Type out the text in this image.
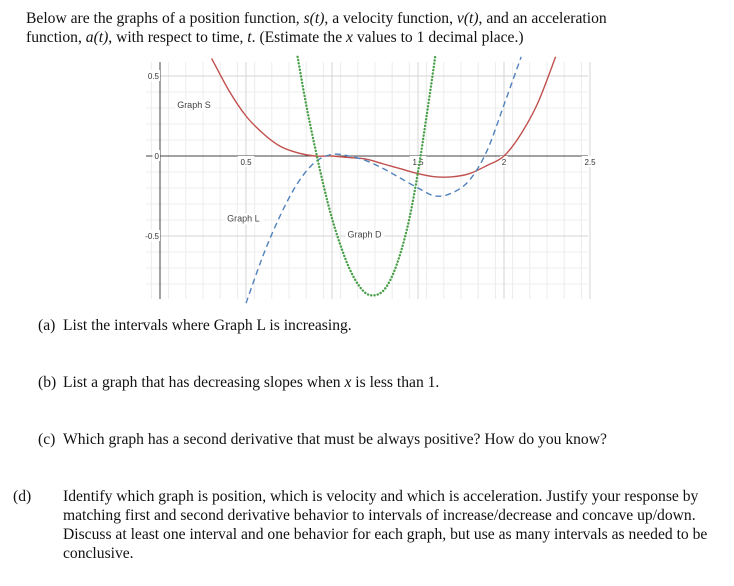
Below are the graphs of a position function, s(t), a velocity function, v(t), and an acceleration

function, a(t), with respect to time, t. (Estimate the x values to 1 decimal place.)

0.5	1.5	2	2.5
0.5
0
-0.5
Graph S
Graph L
Graph D
(a) List the intervals where Graph L is increasing.
(b) List a graph that has decreasing slopes when x is less than 1.
(c) Which graph has a second derivative that must be always positive? How do you know?
(d) Identify which graph is position, which is velocity and which is acceleration. Justify your response by matching first and second derivative behavior to intervals of increase/decrease and concave up/down. Discuss at least one interval and one behavior for each graph, but use as many intervals as needed to be conclusive.
